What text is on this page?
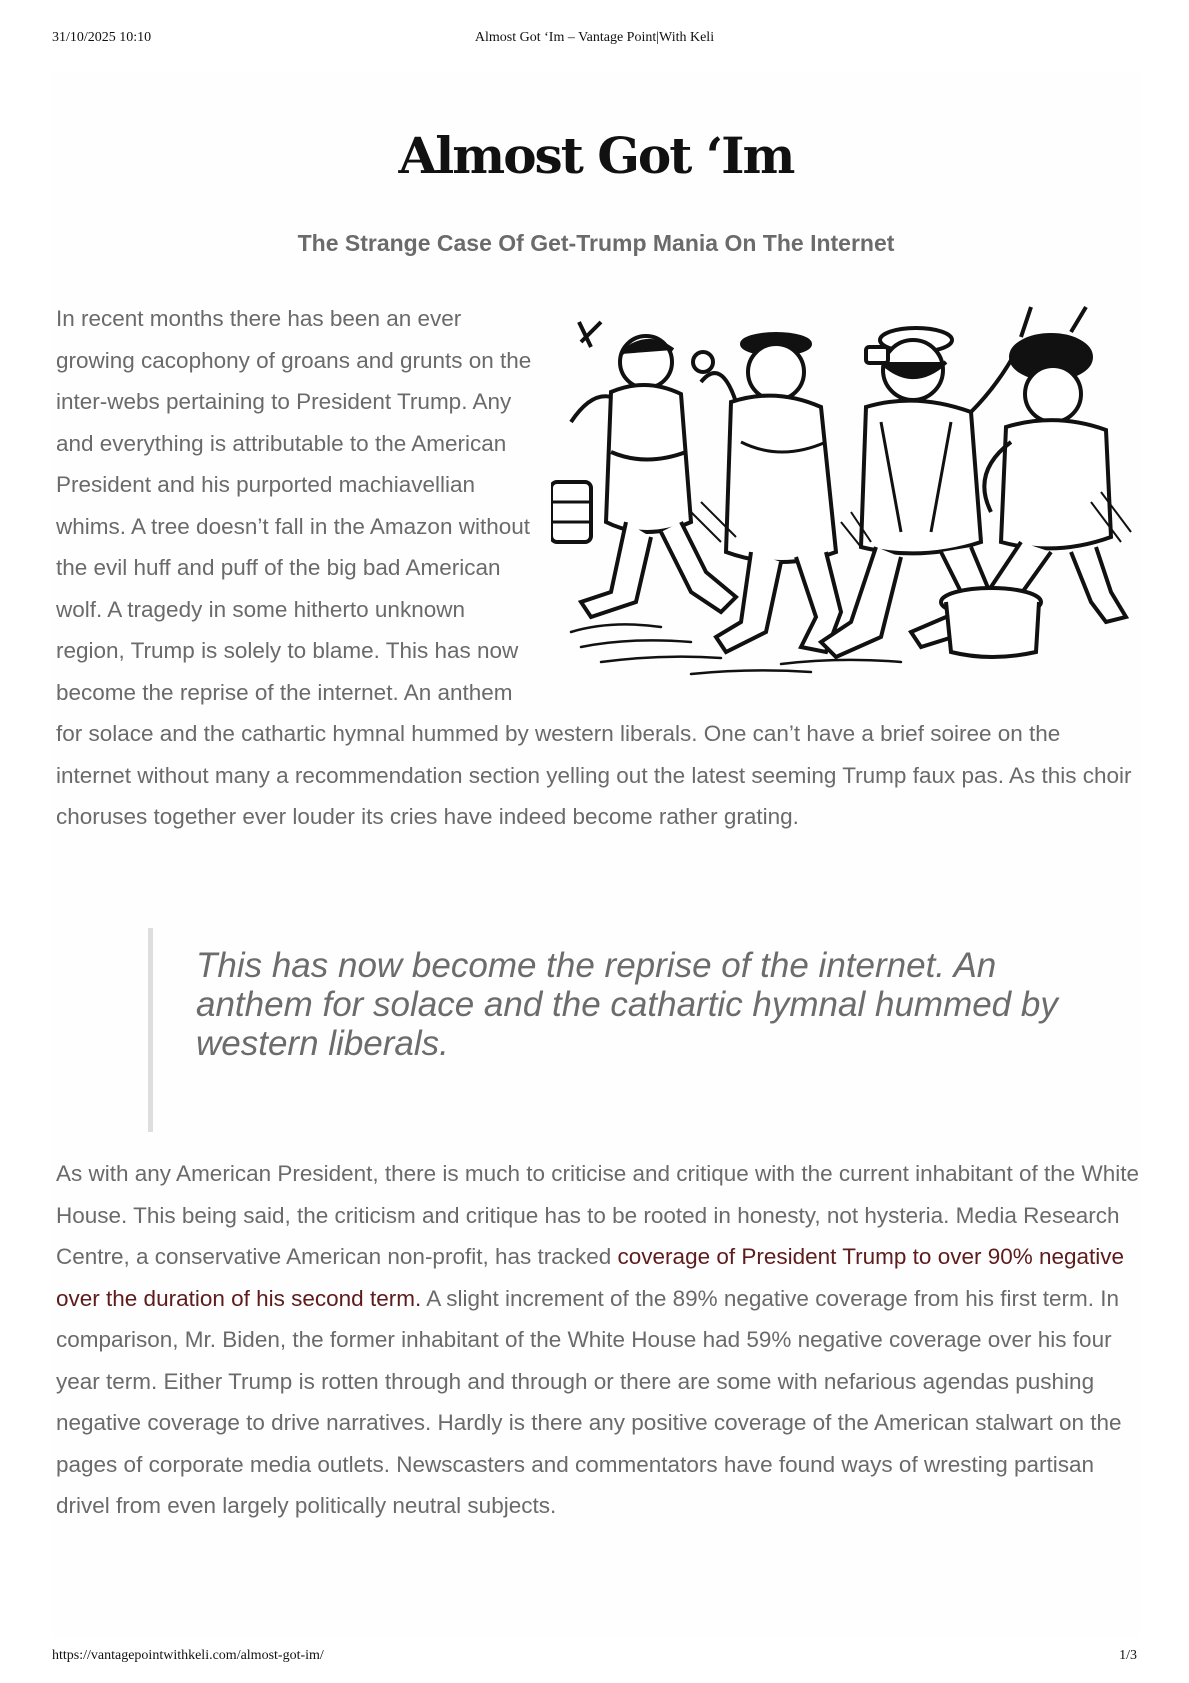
31/10/2025 10:10	Almost Got ‘Im – Vantage Point|With Keli
Almost Got ‘Im
The Strange Case Of Get-Trump Mania On The Internet
In recent months there has been an ever growing cacophony of groans and grunts on the inter-webs pertaining to President Trump. Any and everything is attributable to the American President and his purported machiavellian whims. A tree doesn’t fall in the Amazon without the evil huff and puff of the big bad American wolf. A tragedy in some hitherto unknown region, Trump is solely to blame. This has now become the reprise of the internet. An anthem for solace and the cathartic hymnal hummed by western liberals. One can’t have a brief soiree on the internet without many a recommendation section yelling out the latest seeming Trump faux pas. As this choir choruses together ever louder its cries have indeed become rather grating.

This has now become the reprise of the internet. An anthem for solace and the cathartic hymnal hummed by western liberals.

As with any American President, there is much to criticise and critique with the current inhabitant of the White House. This being said, the criticism and critique has to be rooted in honesty, not hysteria. Media Research Centre, a conservative American non-profit, has tracked coverage of President Trump to over 90% negative over the duration of his second term. A slight increment of the 89% negative coverage from his first term. In comparison, Mr. Biden, the former inhabitant of the White House had 59% negative coverage over his four year term. Either Trump is rotten through and through or there are some with nefarious agendas pushing negative coverage to drive narratives. Hardly is there any positive coverage of the American stalwart on the pages of corporate media outlets. Newscasters and commentators have found ways of wresting partisan drivel from even largely politically neutral subjects.

https://vantagepointwithkeli.com/almost-got-im/	1/3
